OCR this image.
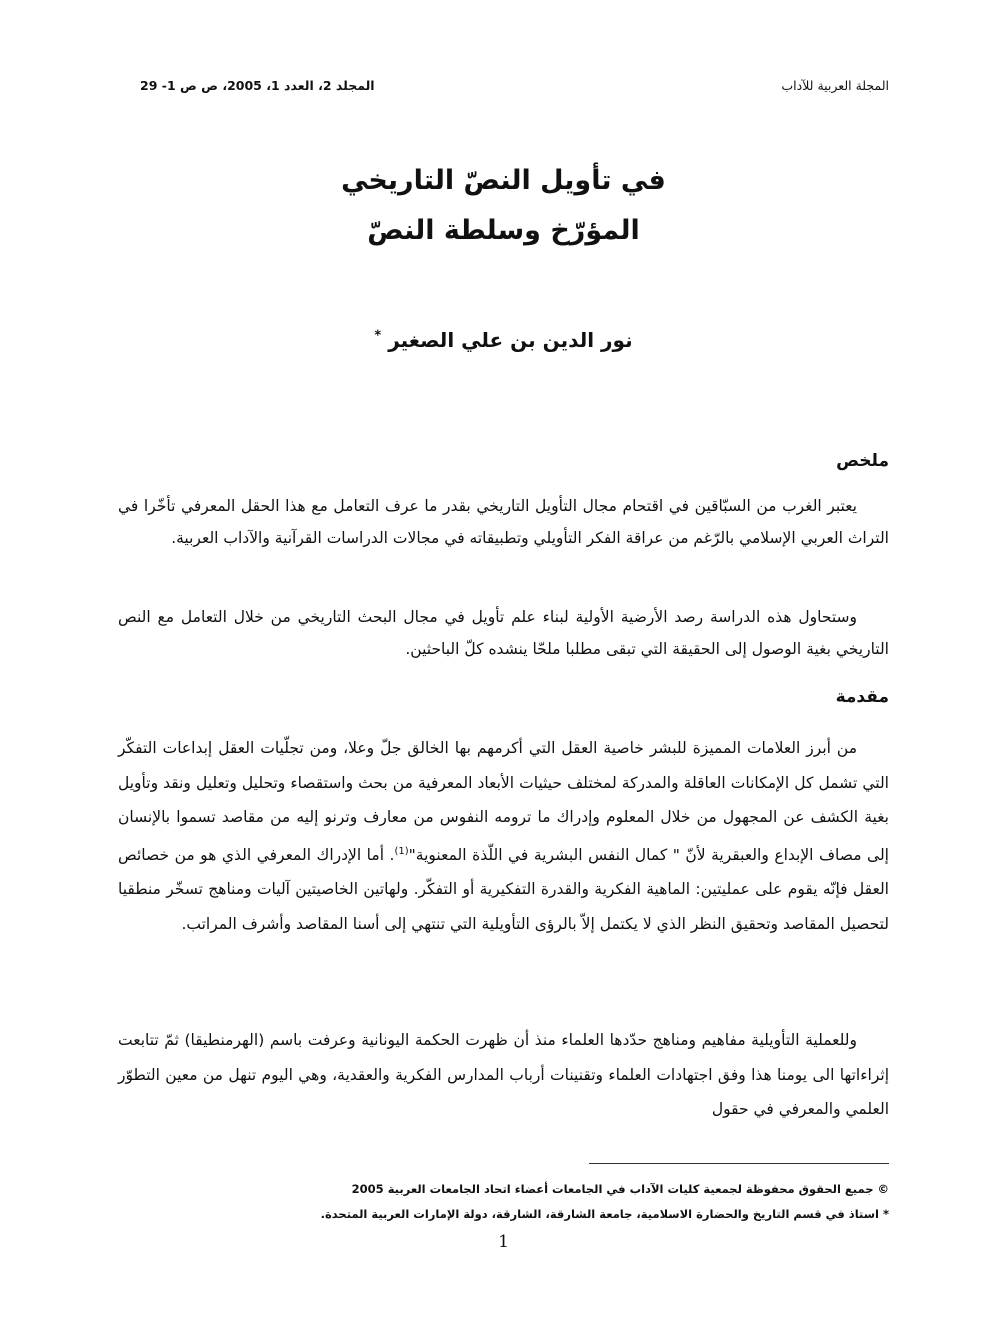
المجلة العربية للآداب
المجلد 2، العدد 1، 2005، ص ص 1- 29
في تأويل النصّ التاريخي
المؤرّخ وسلطة النصّ
نور الدين بن علي الصغير *
ملخص

يعتبر الغرب من السبّاقين في اقتحام مجال التأويل التاريخي بقدر ما عرف التعامل مع هذا الحقل المعرفي تأخّرا في التراث العربي الإسلامي بالرّغم من عراقة الفكر التأويلي وتطبيقاته في مجالات الدراسات القرآنية والآداب العربية.

وستحاول هذه الدراسة رصد الأرضية الأولية لبناء علم تأويل في مجال البحث التاريخي من خلال التعامل مع النص التاريخي بغية الوصول إلى الحقيقة التي تبقى مطلبا ملحّا ينشده كلّ الباحثين.

مقدمة

من أبرز العلامات المميزة للبشر خاصية العقل التي أكرمهم بها الخالق جلّ وعلا، ومن تجلّيات العقل إبداعات التفكّر التي تشمل كل الإمكانات العاقلة والمدركة لمختلف حيثيات الأبعاد المعرفية من بحث واستقصاء وتحليل وتعليل ونقد وتأويل بغية الكشف عن المجهول من خلال المعلوم وإدراك ما ترومه النفوس من معارف وترنو إليه من مقاصد تسموا بالإنسان إلى مصاف الإبداع والعبقرية لأنّ " كمال النفس البشرية في اللّذة المعنوية"$^{(1)}$. أما الإدراك المعرفي الذي هو من خصائص العقل فإنّه يقوم على عمليتين: الماهية الفكرية والقدرة التفكيرية أو التفكّر. ولهاتين الخاصيتين آليات ومناهج تسخّر منطقيا لتحصيل المقاصد وتحقيق النظر الذي لا يكتمل إلاّ بالرؤى التأويلية التي تنتهي إلى أسنا المقاصد وأشرف المراتب.

وللعملية التأويلية مفاهيم ومناهج حدّدها العلماء منذ أن ظهرت الحكمة اليونانية وعرفت باسم (الهرمنطيقا) ثمّ تتابعت إثراءاتها الى يومنا هذا وفق اجتهادات العلماء وتقنينات أرباب المدارس الفكرية والعقدية، وهي اليوم تنهل من معين التطوّر العلمي والمعرفي في حقول

© جميع الحقوق محفوظة لجمعية كليات الآداب في الجامعات أعضاء اتحاد الجامعات العربية 2005
* استاذ في قسم التاريخ والحضارة الاسلامية، جامعة الشارقة، الشارقة، دولة الإمارات العربية المتحدة.
1
